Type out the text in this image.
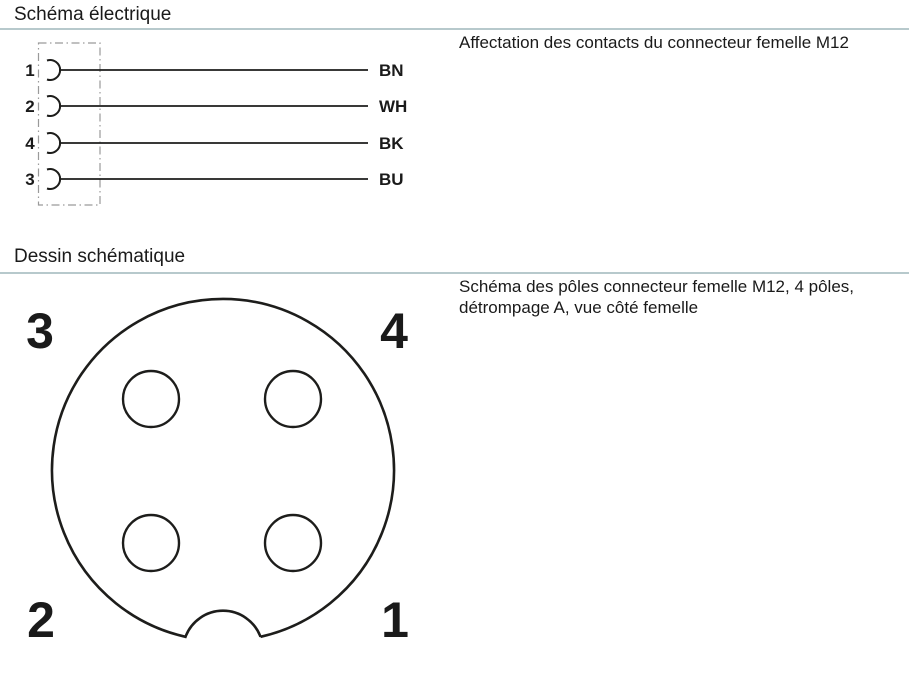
Schéma électrique
Affectation des contacts du connecteur femelle M12
1	BN
2	WH
4	BK
3	BU
Dessin schématique
Schéma des pôles connecteur femelle M12, 4 pôles,
détrompage A, vue côté femelle
3	4
2	1
